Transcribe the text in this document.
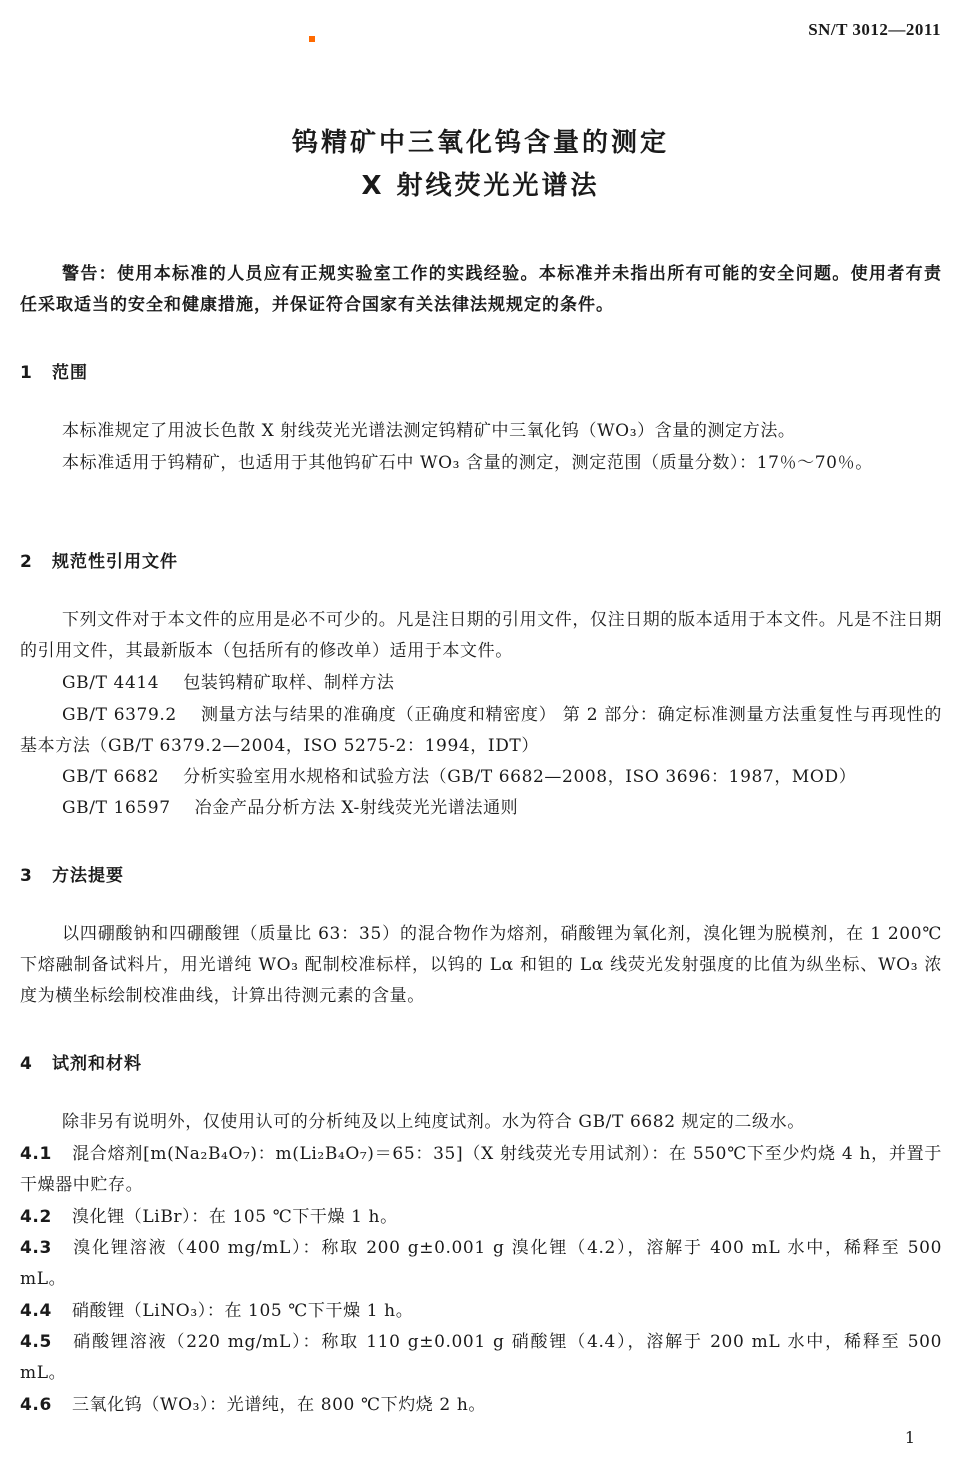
SN/T 3012—2011
钨精矿中三氧化钨含量的测定
X 射线荧光光谱法
警告：使用本标准的人员应有正规实验室工作的实践经验。本标准并未指出所有可能的安全问题。使用者有责任采取适当的安全和健康措施，并保证符合国家有关法律法规规定的条件。
1 范围
本标准规定了用波长色散 X 射线荧光光谱法测定钨精矿中三氧化钨（WO₃）含量的测定方法。
本标准适用于钨精矿，也适用于其他钨矿石中 WO₃ 含量的测定，测定范围（质量分数）：17％～70％。
2 规范性引用文件
下列文件对于本文件的应用是必不可少的。凡是注日期的引用文件，仅注日期的版本适用于本文件。凡是不注日期的引用文件，其最新版本（包括所有的修改单）适用于本文件。
GB/T 4414 包装钨精矿取样、制样方法
GB/T 6379.2 测量方法与结果的准确度（正确度和精密度） 第 2 部分：确定标准测量方法重复性与再现性的基本方法（GB/T 6379.2—2004，ISO 5275-2：1994，IDT）
GB/T 6682 分析实验室用水规格和试验方法（GB/T 6682—2008，ISO 3696：1987，MOD）
GB/T 16597 冶金产品分析方法 X-射线荧光光谱法通则
3 方法提要
以四硼酸钠和四硼酸锂（质量比 63：35）的混合物作为熔剂，硝酸锂为氧化剂，溴化锂为脱模剂，在 1 200℃下熔融制备试料片，用光谱纯 WO₃ 配制校准标样，以钨的 Lα 和钽的 Lα 线荧光发射强度的比值为纵坐标、WO₃ 浓度为横坐标绘制校准曲线，计算出待测元素的含量。
4 试剂和材料
除非另有说明外，仅使用认可的分析纯及以上纯度试剂。水为符合 GB/T 6682 规定的二级水。
4.1 混合熔剂[m(Na₂B₄O₇)：m(Li₂B₄O₇)＝65：35]（X 射线荧光专用试剂）：在 550℃下至少灼烧 4 h，并置于干燥器中贮存。
4.2 溴化锂（LiBr）：在 105 ℃下干燥 1 h。
4.3 溴化锂溶液（400 mg/mL）：称取 200 g±0.001 g 溴化锂（4.2），溶解于 400 mL 水中，稀释至 500 mL。
4.4 硝酸锂（LiNO₃）：在 105 ℃下干燥 1 h。
4.5 硝酸锂溶液（220 mg/mL）：称取 110 g±0.001 g 硝酸锂（4.4），溶解于 200 mL 水中，稀释至 500 mL。
4.6 三氧化钨（WO₃）：光谱纯，在 800 ℃下灼烧 2 h。
1
